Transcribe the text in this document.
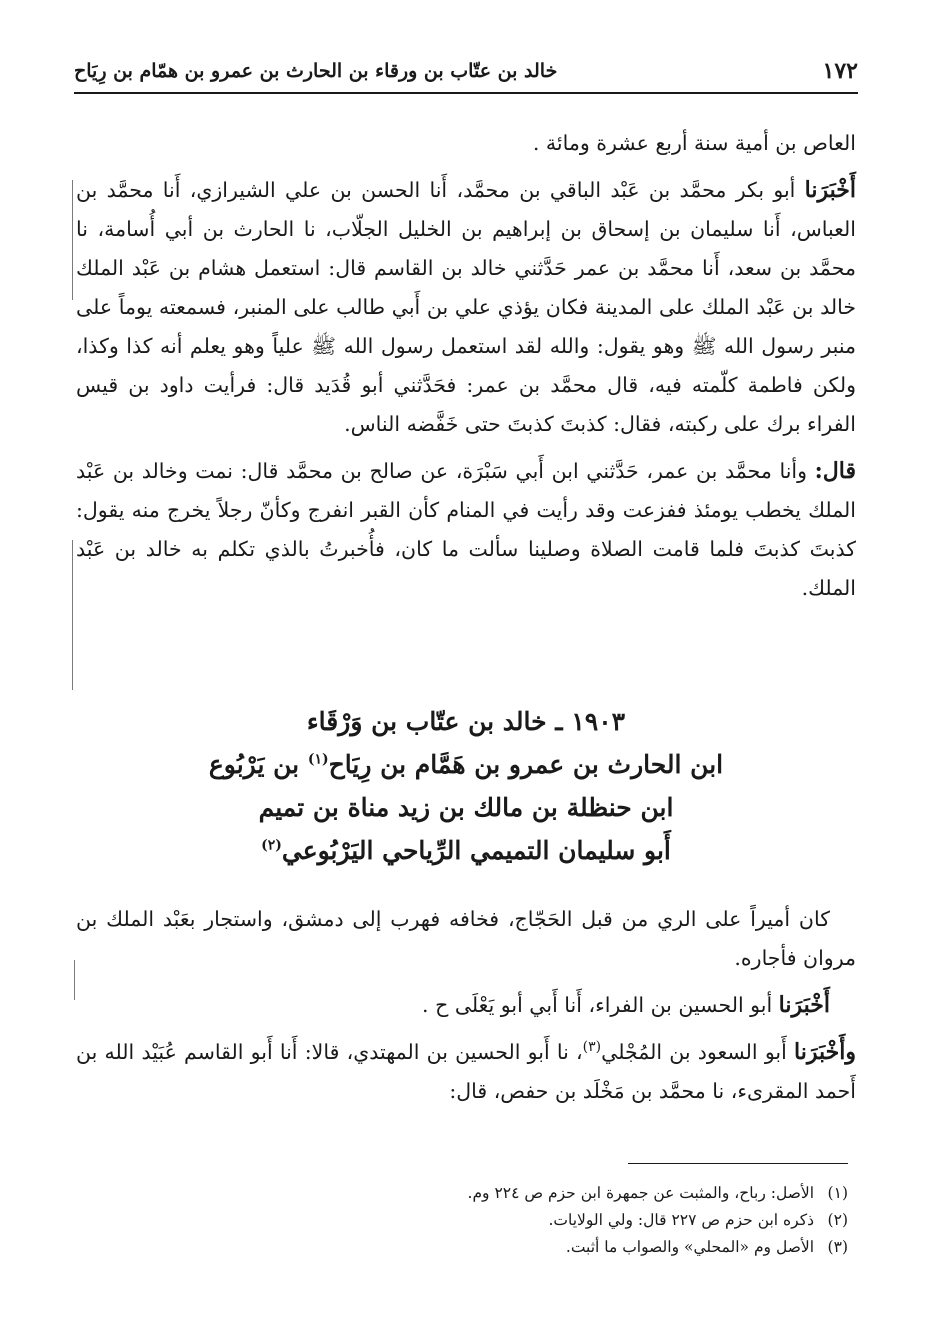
١٧٢
خالد بن عتّاب بن ورقاء بن الحارث بن عمرو بن همّام بن رِيَاح

العاص بن أمية سنة أربع عشرة ومائة .

أَخْبَرَنا أبو بكر محمَّد بن عَبْد الباقي بن محمَّد، أَنا الحسن بن علي الشيرازي، أَنا محمَّد بن العباس، أَنا سليمان بن إسحاق بن إبراهيم بن الخليل الجلّاب، نا الحارث بن أبي أُسامة، نا محمَّد بن سعد، أَنا محمَّد بن عمر حَدَّثني خالد بن القاسم قال: استعمل هشام بن عَبْد الملك خالد بن عَبْد الملك على المدينة فكان يؤذي علي بن أَبي طالب على المنبر، فسمعته يوماً على منبر رسول الله ﷺ وهو يقول: والله لقد استعمل رسول الله ﷺ علياً وهو يعلم أنه كذا وكذا، ولكن فاطمة كلّمته فيه، قال محمَّد بن عمر: فحَدَّثني أبو قُدَيد قال: فرأيت داود بن قيس الفراء برك على ركبته، فقال: كذبتَ كذبتَ حتى خَفَّضه الناس.

قال: وأنا محمَّد بن عمر، حَدَّثني ابن أَبي سَبْرَة، عن صالح بن محمَّد قال: نمت وخالد بن عَبْد الملك يخطب يومئذ ففزعت وقد رأيت في المنام كأن القبر انفرج وكأنّ رجلاً يخرج منه يقول: كذبتَ كذبتَ فلما قامت الصلاة وصلينا سألت ما كان، فأُخبرتُ بالذي تكلم به خالد بن عَبْد الملك.

١٩٠٣ ـ خالد بن عتّاب بن وَرْقَاء
ابن الحارث بن عمرو بن هَمَّام بن رِيَاح$^{(١)}$ بن يَرْبُوع
ابن حنظلة بن مالك بن زيد مناة بن تميم
أَبو سليمان التميمي الرِّياحي اليَرْبُوعي$^{(٢)}$

كان أميراً على الري من قبل الحَجّاج، فخافه فهرب إلى دمشق، واستجار بعَبْد الملك بن مروان فأجاره.

أَخْبَرَنا أبو الحسين بن الفراء، أَنا أَبي أبو يَعْلَى ح .

وأَخْبَرَنا أَبو السعود بن المُجْلي$^{(٣)}$، نا أَبو الحسين بن المهتدي، قالا: أَنا أَبو القاسم عُبَيْد الله بن أَحمد المقرىء، نا محمَّد بن مَخْلَد بن حفص، قال:

(١)الأصل: رباح، والمثبت عن جمهرة ابن حزم ص ٢٢٤ وم.
(٢)ذكره ابن حزم ص ٢٢٧ قال: ولي الولايات.
(٣)الأصل وم «المحلي» والصواب ما أثبت.
